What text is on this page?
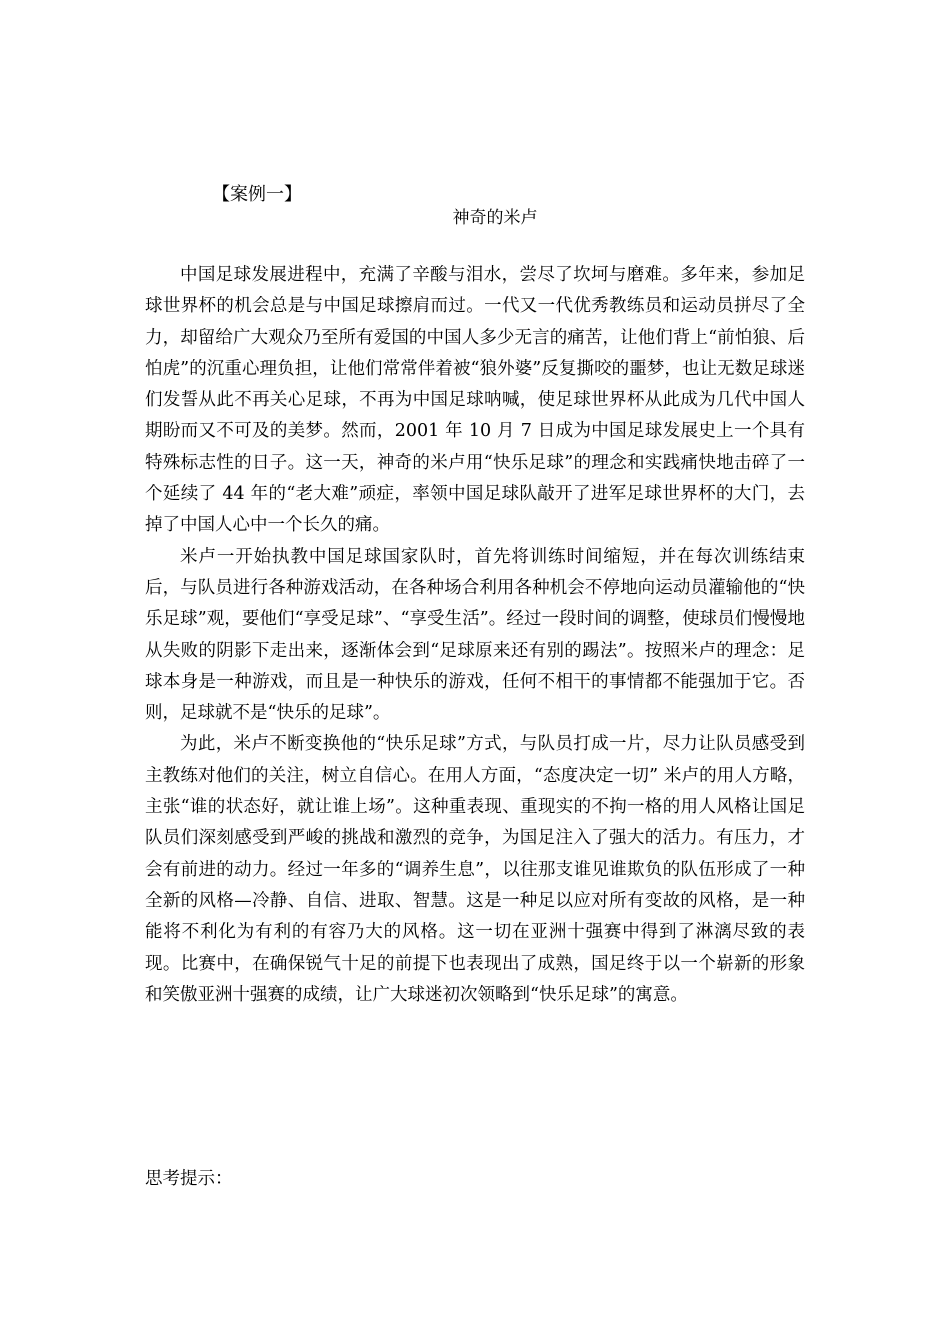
【案例一】
神奇的米卢

中国足球发展进程中，充满了辛酸与泪水，尝尽了坎坷与磨难。多年来，参加足球世界杯的机会总是与中国足球擦肩而过。一代又一代优秀教练员和运动员拼尽了全力，却留给广大观众乃至所有爱国的中国人多少无言的痛苦，让他们背上“前怕狼、后怕虎”的沉重心理负担，让他们常常伴着被“狼外婆”反复撕咬的噩梦，也让无数足球迷们发誓从此不再关心足球，不再为中国足球呐喊，使足球世界杯从此成为几代中国人期盼而又不可及的美梦。然而，2001 年 10 月 7 日成为中国足球发展史上一个具有特殊标志性的日子。这一天，神奇的米卢用“快乐足球”的理念和实践痛快地击碎了一个延续了 44 年的“老大难”顽症，率领中国足球队敲开了进军足球世界杯的大门，去掉了中国人心中一个长久的痛。

米卢一开始执教中国足球国家队时，首先将训练时间缩短，并在每次训练结束后，与队员进行各种游戏活动，在各种场合利用各种机会不停地向运动员灌输他的“快乐足球”观，要他们“享受足球”、“享受生活”。经过一段时间的调整，使球员们慢慢地从失败的阴影下走出来，逐渐体会到“足球原来还有别的踢法”。按照米卢的理念：足球本身是一种游戏，而且是一种快乐的游戏，任何不相干的事情都不能强加于它。否则，足球就不是“快乐的足球”。

为此，米卢不断变换他的“快乐足球”方式，与队员打成一片，尽力让队员感受到主教练对他们的关注，树立自信心。在用人方面，“态度决定一切” 米卢的用人方略，主张“谁的状态好，就让谁上场”。这种重表现、重现实的不拘一格的用人风格让国足队员们深刻感受到严峻的挑战和激烈的竞争，为国足注入了强大的活力。有压力，才会有前进的动力。经过一年多的“调养生息”，以往那支谁见谁欺负的队伍形成了一种全新的风格—冷静、自信、进取、智慧。这是一种足以应对所有变故的风格，是一种能将不利化为有利的有容乃大的风格。这一切在亚洲十强赛中得到了淋漓尽致的表现。比赛中，在确保锐气十足的前提下也表现出了成熟，国足终于以一个崭新的形象和笑傲亚洲十强赛的成绩，让广大球迷初次领略到“快乐足球”的寓意。

思考提示：
